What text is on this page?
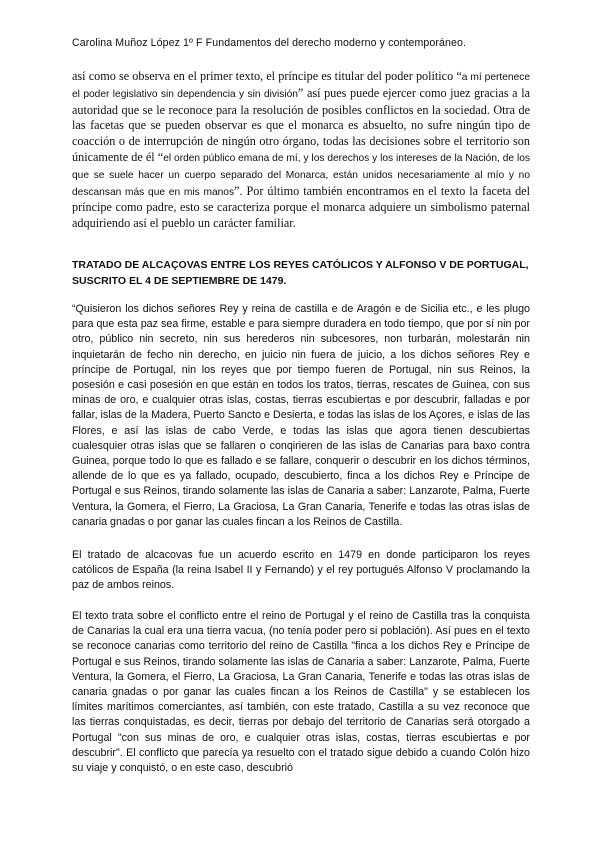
Carolina Muñoz López 1º F Fundamentos del derecho moderno y contemporáneo.
así como se observa en el primer texto, el príncipe es titular del poder político “a mí pertenece el poder legislativo sin dependencia y sin división” así pues puede ejercer como juez gracias a la autoridad que se le reconoce para la resolución de posibles conflictos en la sociedad. Otra de las facetas que se pueden observar es que el monarca es absuelto, no sufre ningún tipo de coacción o de interrupción de ningún otro órgano, todas las decisiones sobre el territorio son únicamente de él “el orden público emana de mí, y los derechos y los intereses de la Nación, de los que se suele hacer un cuerpo separado del Monarca, están unidos necesariamente al mío y no descansan más que en mis manos”. Por último también encontramos en el texto la faceta del príncipe como padre, esto se caracteriza porque el monarca adquiere un simbolismo paternal adquiriendo así el pueblo un carácter familiar.
TRATADO DE ALCAÇOVAS ENTRE LOS REYES CATÓLICOS Y ALFONSO V DE PORTUGAL, SUSCRITO EL 4 DE SEPTIEMBRE DE 1479.

“Quisieron los dichos señores Rey y reina de castilla e de Aragón e de Sicilia etc., e les plugo para que esta paz sea firme, estable e para siempre duradera en todo tiempo, que por sí nin por otro, público nin secreto, nin sus herederos nin subcesores, non turbarán, molestarán nin inquietarán de fecho nin derecho, en juicio nin fuera de juicio, a los dichos señores Rey e príncipe de Portugal, nin los reyes que por tiempo fueren de Portugal, nin sus Reinos, la posesión e casi posesión en que están en todos los tratos, tierras, rescates de Guinea, con sus minas de oro, e cualquier otras islas, costas, tierras escubiertas e por descubrir, falladas e por fallar, islas de la Madera, Puerto Sancto e Desierta, e todas las islas de los Açores, e islas de las Flores, e así las islas de cabo Verde, e todas las islas que agora tienen descubiertas cualesquier otras islas que se fallaren o conqirieren de las islas de Canarias para baxo contra Guinea, porque todo lo que es fallado e se fallare, conquerir o descubrir en los dichos términos, allende de lo que es ya fallado, ocupado, descubierto, finca a los dichos Rey e Príncipe de Portugal e sus Reinos, tirando solamente las islas de Canaria a saber: Lanzarote, Palma, Fuerte Ventura, la Gomera, el Fierro, La Graciosa, La Gran Canaria, Tenerife e todas las otras islas de canaria gnadas o por ganar las cuales fincan a los Reinos de Castilla.

El tratado de alcacovas fue un acuerdo escrito en 1479 en donde participaron los reyes católicos de España (la reina Isabel II y Fernando) y el rey portugués Alfonso V proclamando la paz de ambos reinos.

El texto trata sobre el conflicto entre el reino de Portugal y el reino de Castilla tras la conquista de Canarias la cual era una tierra vacua, (no tenía poder pero si población). Así pues en el texto se reconoce canarias como territorio del reino de Castilla "finca a los dichos Rey e Príncipe de Portugal e sus Reinos, tirando solamente las islas de Canaria a saber: Lanzarote, Palma, Fuerte Ventura, la Gomera, el Fierro, La Graciosa, La Gran Canaria, Tenerife e todas las otras islas de canaria gnadas o por ganar las cuales fincan a los Reinos de Castilla" y se establecen los límites marítimos comerciantes, así también, con este tratado, Castilla a su vez reconoce que las tierras conquistadas, es decir, tierras por debajo del territorio de Canarias será otorgado a Portugal "con sus minas de oro, e cualquier otras islas, costas, tierras escubiertas e por descubrir". El conflicto que parecía ya resuelto con el tratado sigue debido a cuando Colón hizo su viaje y conquistó, o en este caso, descubrió
